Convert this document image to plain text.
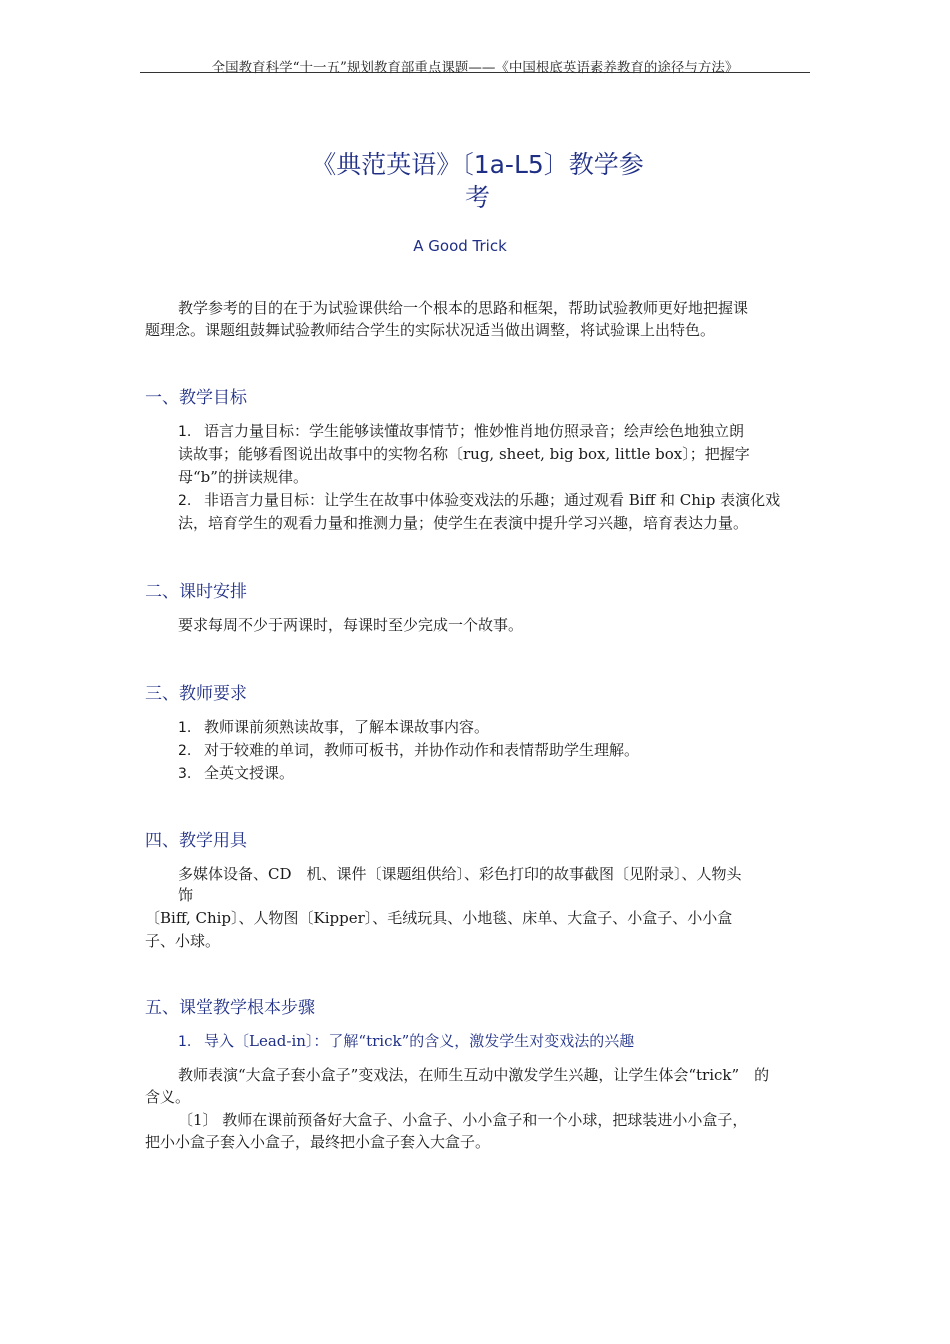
全国教育科学“十一五”规划教育部重点课题——《中国根底英语素养教育的途径与方法》
《典范英语》〔1a-L5〕教学参
考
A Good Trick
教学参考的目的在于为试验课供给一个根本的思路和框架，帮助试验教师更好地把握课
题理念。课题组鼓舞试验教师结合学生的实际状况适当做出调整，将试验课上出特色。
一、教学目标
1. 语言力量目标：学生能够读懂故事情节；惟妙惟肖地仿照录音；绘声绘色地独立朗
读故事；能够看图说出故事中的实物名称〔rug, sheet, big box, little box〕；把握字
母“b”的拼读规律。
2. 非语言力量目标：让学生在故事中体验变戏法的乐趣；通过观看 Biff 和 Chip 表演化戏
法，培育学生的观看力量和推测力量；使学生在表演中提升学习兴趣，培育表达力量。
二、课时安排
要求每周不少于两课时，每课时至少完成一个故事。
三、教师要求
1. 教师课前须熟读故事，了解本课故事内容。
2. 对于较难的单词，教师可板书，并协作动作和表情帮助学生理解。
3. 全英文授课。
四、教学用具
多媒体设备、CD　机、课件〔课题组供给〕、彩色打印的故事截图〔见附录〕、人物头
饰
〔Biff, Chip〕、人物图〔Kipper〕、毛绒玩具、小地毯、床单、大盒子、小盒子、小小盒
子、小球。
五、课堂教学根本步骤
1. 导入〔Lead-in〕：了解“trick”的含义，激发学生对变戏法的兴趣
教师表演“大盒子套小盒子”变戏法，在师生互动中激发学生兴趣，让学生体会“trick”　的
含义。
〔1〕 教师在课前预备好大盒子、小盒子、小小盒子和一个小球，把球装进小小盒子，
把小小盒子套入小盒子，最终把小盒子套入大盒子。
